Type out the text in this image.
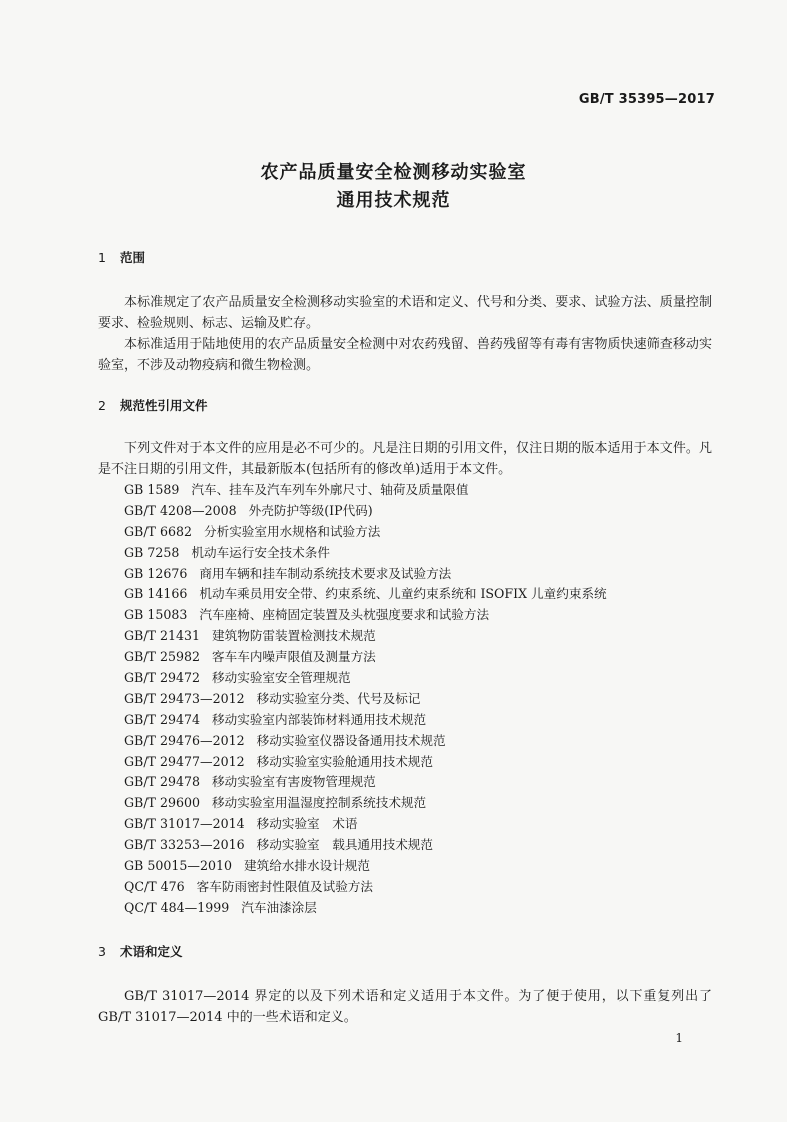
GB/T 35395—2017
农产品质量安全检测移动实验室
通用技术规范
1 范围
本标准规定了农产品质量安全检测移动实验室的术语和定义、代号和分类、要求、试验方法、质量控制要求、检验规则、标志、运输及贮存。
本标准适用于陆地使用的农产品质量安全检测中对农药残留、兽药残留等有毒有害物质快速筛查移动实验室，不涉及动物疫病和微生物检测。
2 规范性引用文件
下列文件对于本文件的应用是必不可少的。凡是注日期的引用文件，仅注日期的版本适用于本文件。凡是不注日期的引用文件，其最新版本(包括所有的修改单)适用于本文件。
GB 1589 汽车、挂车及汽车列车外廓尺寸、轴荷及质量限值
GB/T 4208—2008 外壳防护等级(IP代码)
GB/T 6682 分析实验室用水规格和试验方法
GB 7258 机动车运行安全技术条件
GB 12676 商用车辆和挂车制动系统技术要求及试验方法
GB 14166 机动车乘员用安全带、约束系统、儿童约束系统和 ISOFIX 儿童约束系统
GB 15083 汽车座椅、座椅固定装置及头枕强度要求和试验方法
GB/T 21431 建筑物防雷装置检测技术规范
GB/T 25982 客车车内噪声限值及测量方法
GB/T 29472 移动实验室安全管理规范
GB/T 29473—2012 移动实验室分类、代号及标记
GB/T 29474 移动实验室内部装饰材料通用技术规范
GB/T 29476—2012 移动实验室仪器设备通用技术规范
GB/T 29477—2012 移动实验室实验舱通用技术规范
GB/T 29478 移动实验室有害废物管理规范
GB/T 29600 移动实验室用温湿度控制系统技术规范
GB/T 31017—2014 移动实验室　术语
GB/T 33253—2016 移动实验室　载具通用技术规范
GB 50015—2010 建筑给水排水设计规范
QC/T 476 客车防雨密封性限值及试验方法
QC/T 484—1999 汽车油漆涂层
3 术语和定义
GB/T 31017—2014 界定的以及下列术语和定义适用于本文件。为了便于使用，以下重复列出了GB/T 31017—2014 中的一些术语和定义。
1
